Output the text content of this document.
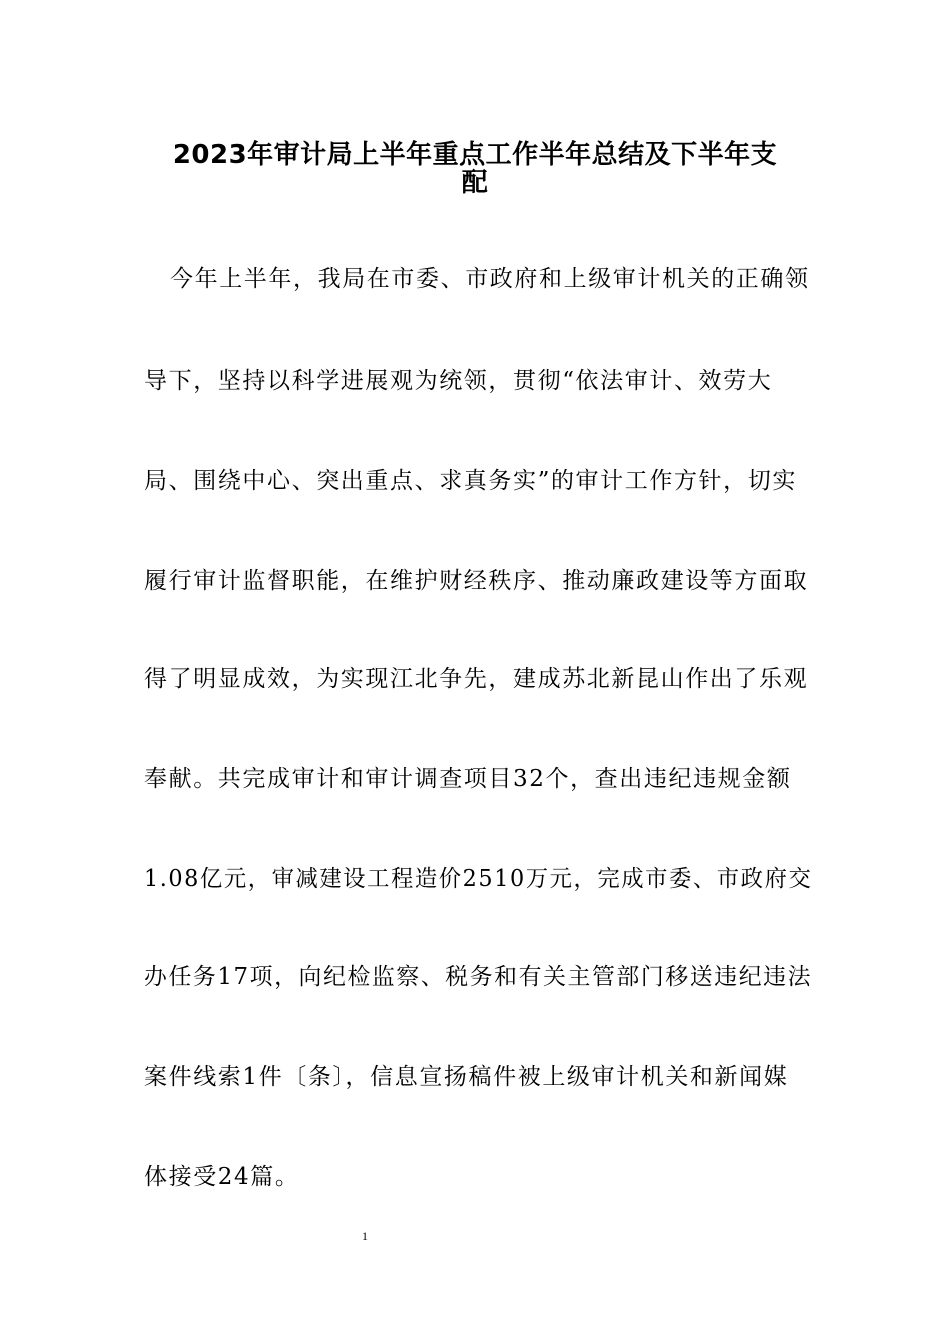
2023年审计局上半年重点工作半年总结及下半年支
配
今年上半年，我局在市委、市政府和上级审计机关的正确领
导下，坚持以科学进展观为统领，贯彻“依法审计、效劳大
局、围绕中心、突出重点、求真务实”的审计工作方针，切实
履行审计监督职能，在维护财经秩序、推动廉政建设等方面取
得了明显成效，为实现江北争先，建成苏北新昆山作出了乐观
奉献。共完成审计和审计调查项目32个，查出违纪违规金额
1.08亿元，审减建设工程造价2510万元，完成市委、市政府交
办任务17项，向纪检监察、税务和有关主管部门移送违纪违法
案件线索1件〔条〕，信息宣扬稿件被上级审计机关和新闻媒
体接受24篇。
1
